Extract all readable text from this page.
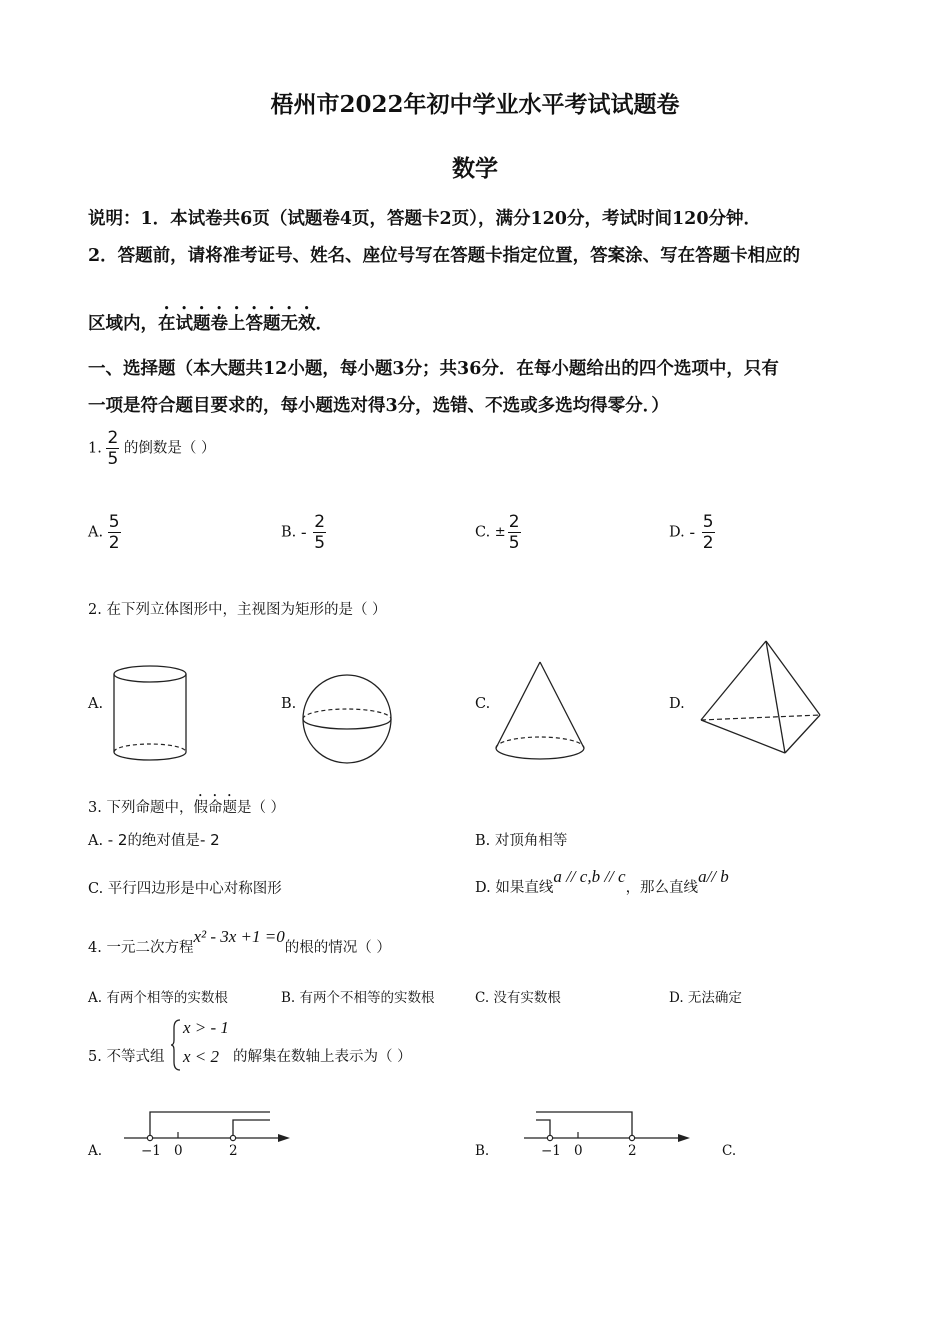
梧州市2022年初中学业水平考试试题卷
数学
说明：1．本试卷共6页（试题卷4页，答题卡2页），满分120分，考试时间120分钟．
2．答题前，请将准考证号、姓名、座位号写在答题卡指定位置，答案涂、写在答题卡相应的
区域内，在试题卷上答题无效．
一、选择题（本大题共12小题，每小题3分；共36分．在每小题给出的四个选项中，只有
一项是符合题目要求的，每小题选对得3分，选错、不选或多选均得零分．）
1. $\frac{2}{5}$ 的倒数是（ ）
A. $\frac{5}{2}$	B. - $\frac{2}{5}$	C. ± $\frac{2}{5}$	D. - $\frac{5}{2}$
2. 在下列立体图形中，主视图为矩形的是（ ）
A.	B.	C.	D.
3. 下列命题中，假命题是（ ）
A. - 2的绝对值是- 2	B. 对顶角相等
C. 平行四边形是中心对称图形	D. 如果直线a // c,b // c，那么直线a// b
4. 一元二次方程x² - 3x +1 =0的根的情况（ ）
A. 有两个相等的实数根	B. 有两个不相等的实数根	C. 没有实数根	D. 无法确定
5. 不等式组
x > - 1
x < 2 的解集在数轴上表示为（ ）
A.	−1 0	2	B.	−1 0	2	C.
